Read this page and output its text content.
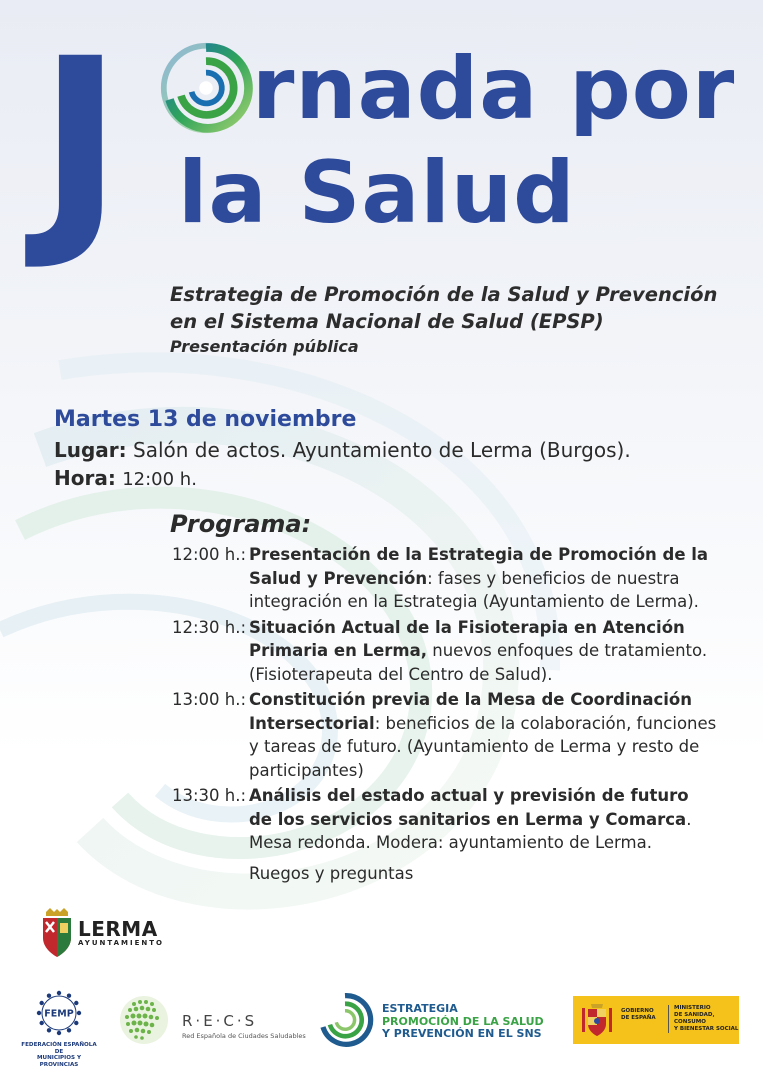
J rnada por
la Salud
Estrategia de Promoción de la Salud y Prevención
en el Sistema Nacional de Salud (EPSP)
Presentación pública
Martes 13 de noviembre
Lugar: Salón de actos. Ayuntamiento de Lerma (Burgos).
Hora: 12:00 h.
Programa:
12:00 h.: Presentación de la Estrategia de Promoción de la Salud y Prevención: fases y beneficios de nuestra integración en la Estrategia (Ayuntamiento de Lerma).
12:30 h.: Situación Actual de la Fisioterapia en Atención Primaria en Lerma, nuevos enfoques de tratamiento. (Fisioterapeuta del Centro de Salud).
13:00 h.: Constitución previa de la Mesa de Coordinación Intersectorial: beneficios de la colaboración, funciones y tareas de futuro. (Ayuntamiento de Lerma y resto de participantes)
13:30 h.: Análisis del estado actual y previsión de futuro de los servicios sanitarios en Lerma y Comarca.
Mesa redonda. Modera: ayuntamiento de Lerma.
Ruegos y preguntas
LERMA
AYUNTAMIENTO
FEMP
FEDERACIÓN ESPAÑOLA DE
MUNICIPIOS Y PROVINCIAS
R·E·C·S
Red Española de Ciudades Saludables
ESTRATEGIA
PROMOCIÓN DE LA SALUD
Y PREVENCIÓN EN EL SNS
GOBIERNO
DE ESPAÑA
MINISTERIO
DE SANIDAD, CONSUMO
Y BIENESTAR SOCIAL
